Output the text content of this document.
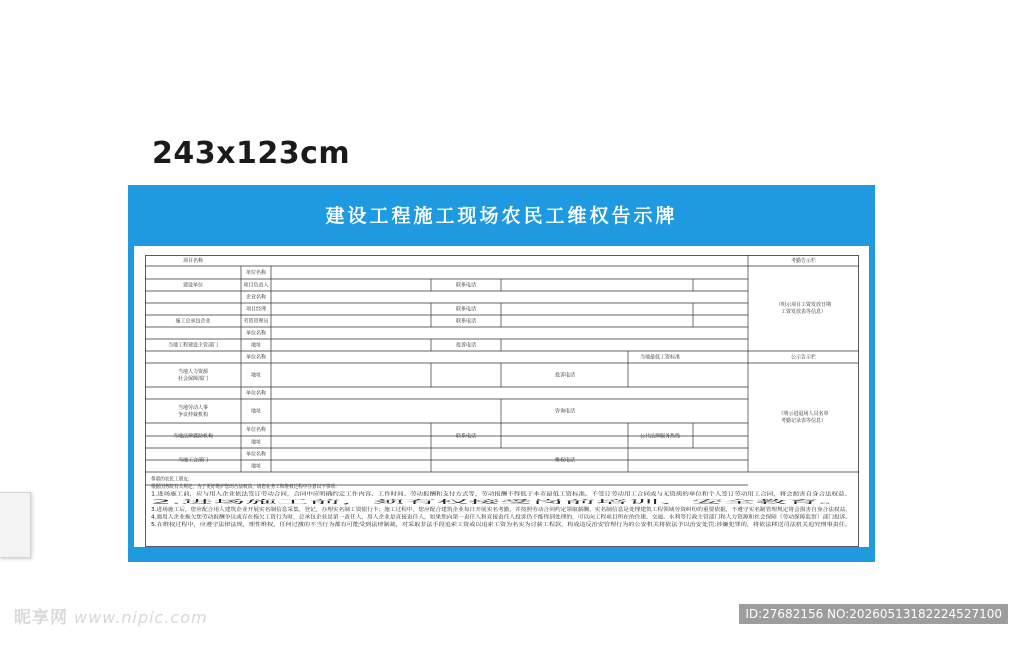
243x123cm
建设工程施工现场农民工维权告示牌
项目名称
建设单位
施工总承包企业
当地工程建设主管部门
当地人力资源
社会保障部门
当地劳动人事
争议仲裁机构
当地法律援助机构
当地工会部门
单位名称
项目负责人
企业名称
项目经理
劳资管理员
单位名称
地址
单位名称
地址
单位名称
地址
单位名称
地址
单位名称
地址
联系电话
联系电话
联系电话
投诉电话
当地最低工资标准
投诉电话
咨询电话
联系电话	公共法律服务热线
维权电话
考勤告示栏
（明示项目工资发放日期
工资发放表等信息）
公示告示栏
（明示进退场人员名单
考勤记录表等信息）
尊重的农民工朋友：
根据国务院有关规定，为了更好维护您的合法权益，请您在务工和维权过程中注意以下事项：
1.进场施工前，应与用人企业依法签订劳动合同，合同中应明确约定工作内容、工作时间、劳动报酬和支付方式等，劳动报酬不得低于本市最低工资标准。不签订劳动用工合同或与无资质的单位和个人签订劳动用工合同，将会损害自身合法权益。
2.进场施工前，须有权接受岗前培训、安全教育。
3.进场施工后，您应配合用人建筑企业开展实名制信息采集、登记，办理实名制工资银行卡；施工过程中，您应配合建筑企业每日开展实名考勤，并按照劳动合同约定领取薪酬，实名制信息是处理建筑工程领域劳资纠纷的重要依据，不遵守实名制管理规定将会损害自身合法权益。
4.遇用人企业拖欠您劳动报酬争议或存在拖欠工资行为时，总承包企业是第一责任人，用人企业是直接责任人，如果您向第一责任人和直接责任人投诉仍不能得到处理的，可以向工程项目所在的住建、交通、水利等行政主管部门和人力资源和社会保障（劳动保障监察）部门投诉。
5.在维权过程中，应遵守法律法规，理性维权，任何过激的不当行为都有可能受到法律制裁，对采取非法手段追索工资或以追索工资为名实为讨薪工程款，构成违反治安管理行为的公安机关将依法予以治安处罚;涉嫌犯罪的，将依法移送司法机关追究刑事责任。
昵享网 www.nipic.com	ID:27682156 NO:20260513182224527100
